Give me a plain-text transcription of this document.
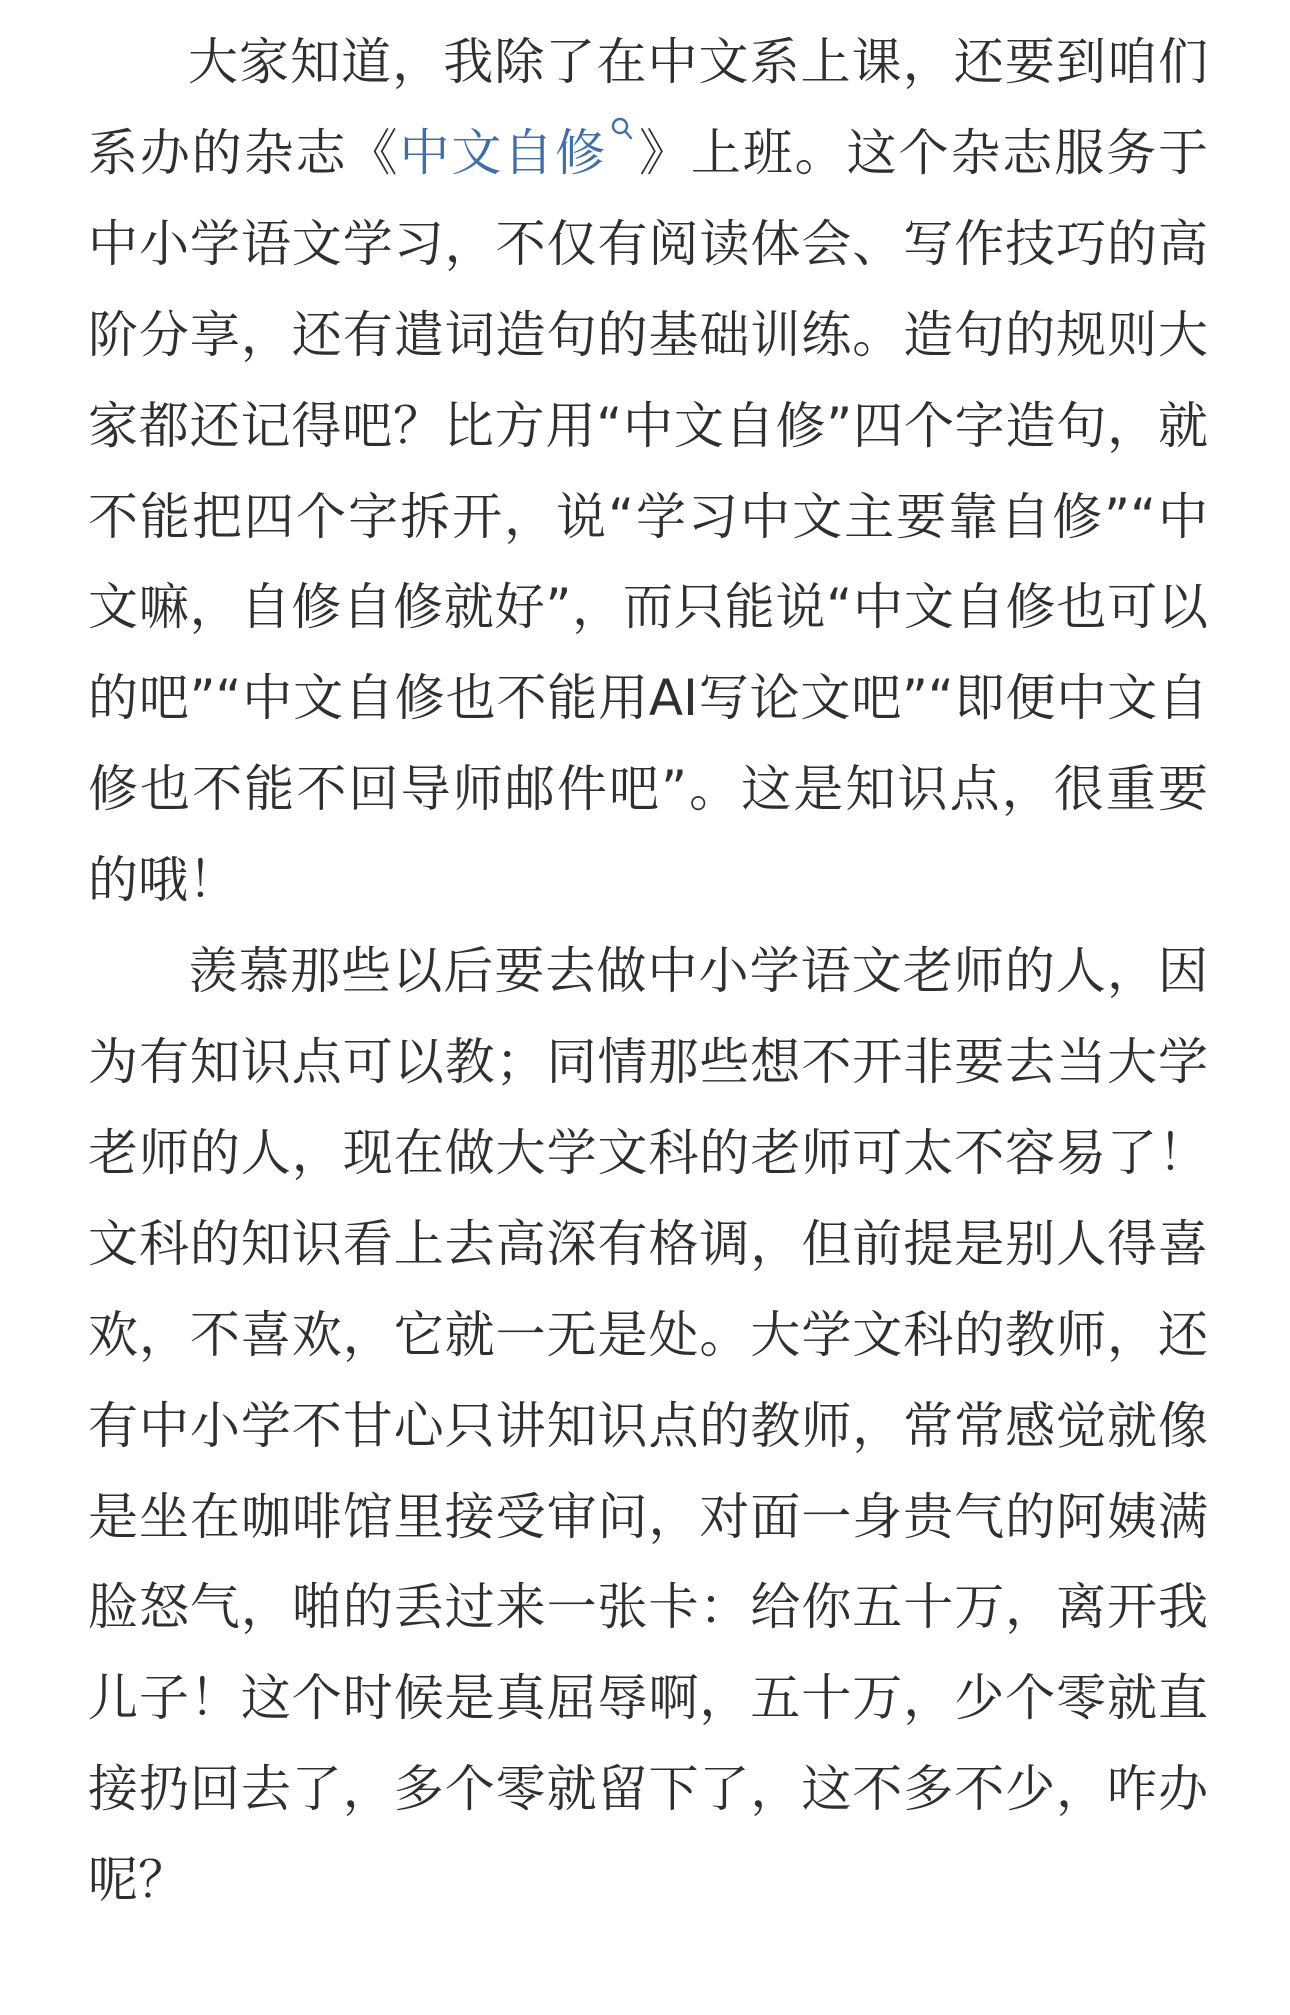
大家知道，我除了在中文系上课，还要到咱们系办的杂志《中文自修 》上班。这个杂志服务于中小学语文学习，不仅有阅读体会、写作技巧的高阶分享，还有遣词造句的基础训练。造句的规则大家都还记得吧？比方用“中文自修”四个字造句，就不能把四个字拆开，说“学习中文主要靠自修”“中文嘛，自修自修就好”，而只能说“中文自修也可以的吧”“中文自修也不能用AI写论文吧”“即便中文自修也不能不回导师邮件吧”。这是知识点，很重要的哦！

羡慕那些以后要去做中小学语文老师的人，因为有知识点可以教；同情那些想不开非要去当大学老师的人，现在做大学文科的老师可太不容易了！文科的知识看上去高深有格调，但前提是别人得喜欢，不喜欢，它就一无是处。大学文科的教师，还有中小学不甘心只讲知识点的教师，常常感觉就像是坐在咖啡馆里接受审问，对面一身贵气的阿姨满脸怒气，啪的丢过来一张卡：给你五十万，离开我儿子！这个时候是真屈辱啊，五十万，少个零就直接扔回去了，多个零就留下了，这不多不少，咋办呢？
